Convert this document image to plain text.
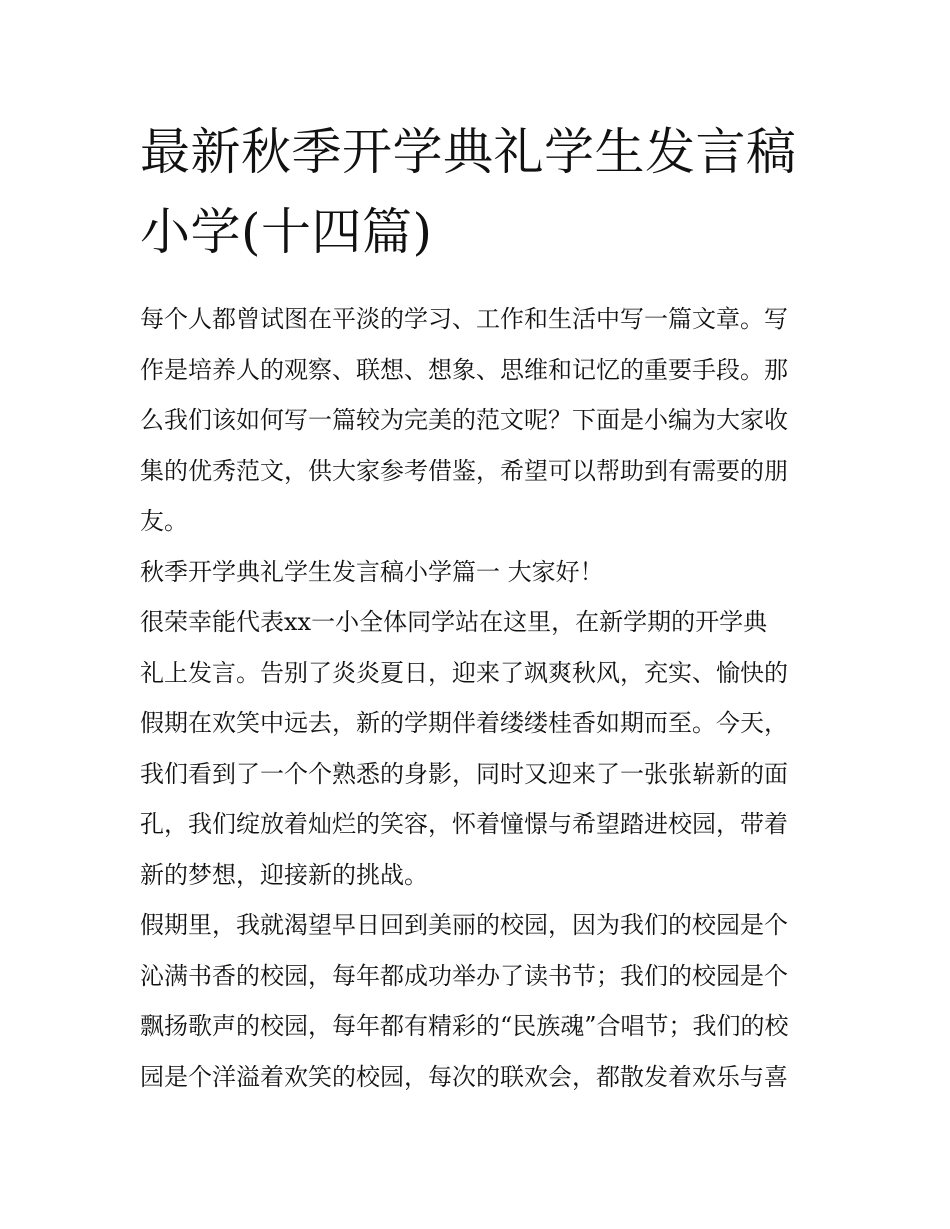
最新秋季开学典礼学生发言稿
小学(十四篇)

每个人都曾试图在平淡的学习、工作和生活中写一篇文章。写
作是培养人的观察、联想、想象、思维和记忆的重要手段。那
么我们该如何写一篇较为完美的范文呢？下面是小编为大家收
集的优秀范文，供大家参考借鉴，希望可以帮助到有需要的朋
友。

秋季开学典礼学生发言稿小学篇一 大家好！

很荣幸能代表xx一小全体同学站在这里，在新学期的开学典
礼上发言。告别了炎炎夏日，迎来了飒爽秋风，充实、愉快的
假期在欢笑中远去，新的学期伴着缕缕桂香如期而至。今天，
我们看到了一个个熟悉的身影，同时又迎来了一张张崭新的面
孔，我们绽放着灿烂的笑容，怀着憧憬与希望踏进校园，带着
新的梦想，迎接新的挑战。

假期里，我就渴望早日回到美丽的校园，因为我们的校园是个
沁满书香的校园，每年都成功举办了读书节；我们的校园是个
飘扬歌声的校园，每年都有精彩的“民族魂”合唱节；我们的校
园是个洋溢着欢笑的校园，每次的联欢会，都散发着欢乐与喜
